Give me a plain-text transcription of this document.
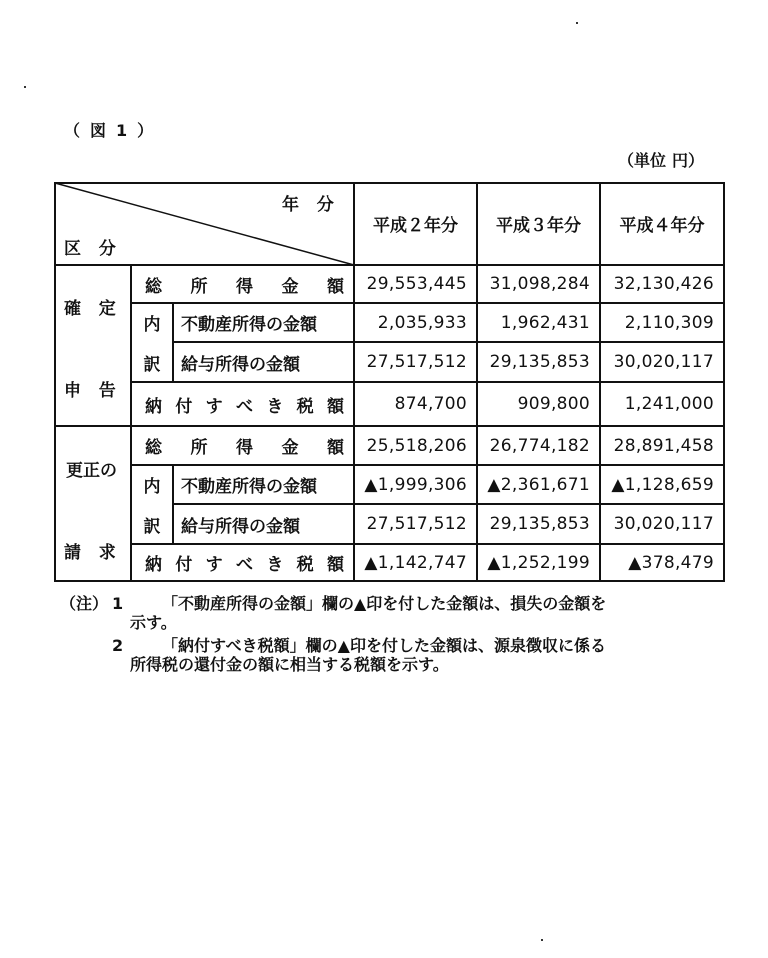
（ 図 1 ）
（単位 円）
年 分
区 分
平成２年分	平成３年分	平成４年分
確 定
申 告
内
訳
総 所 得 金 額	29,553,445	31,098,284	32,130,426
不動産所得の金額	2,035,933	1,962,431	2,110,309
給与所得の金額	27,517,512	29,135,853	30,020,117
納 付 す べ き 税 額	874,700	909,800	1,241,000
更正の
請 求
内
訳
総 所 得 金 額	25,518,206	26,774,182	28,891,458
不動産所得の金額	▲1,999,306	▲2,361,671	▲1,128,659
給与所得の金額	27,517,512	29,135,853	30,020,117
納 付 す べ き 税 額	▲1,142,747	▲1,252,199	▲378,479
（注） 1 「不動産所得の金額」欄の▲印を付した金額は、損失の金額を
示す。
2 「納付すべき税額」欄の▲印を付した金額は、源泉徴収に係る
所得税の還付金の額に相当する税額を示す。
